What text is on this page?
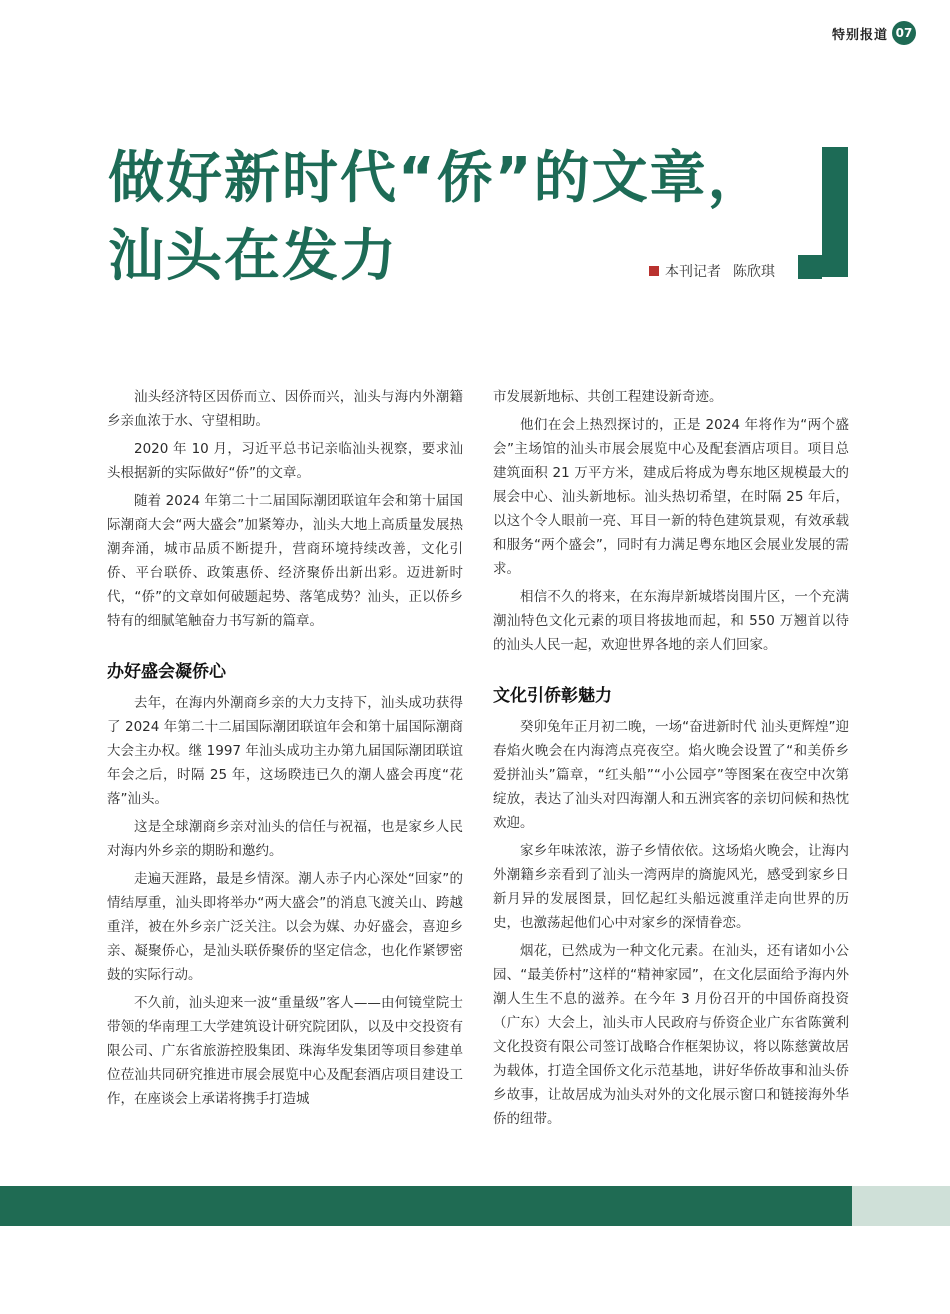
特别报道 07
做好新时代“侨”的文章，
汕头在发力	本刊记者 陈欣琪

汕头经济特区因侨而立、因侨而兴，汕头与海内外潮籍乡亲血浓于水、守望相助。

2020 年 10 月，习近平总书记亲临汕头视察，要求汕头根据新的实际做好“侨”的文章。

随着 2024 年第二十二届国际潮团联谊年会和第十届国际潮商大会“两大盛会”加紧筹办，汕头大地上高质量发展热潮奔涌，城市品质不断提升，营商环境持续改善，文化引侨、平台联侨、政策惠侨、经济聚侨出新出彩。迈进新时代，“侨”的文章如何破题起势、落笔成势？汕头，正以侨乡特有的细腻笔触奋力书写新的篇章。

办好盛会凝侨心

去年，在海内外潮商乡亲的大力支持下，汕头成功获得了 2024 年第二十二届国际潮团联谊年会和第十届国际潮商大会主办权。继 1997 年汕头成功主办第九届国际潮团联谊年会之后，时隔 25 年，这场睽违已久的潮人盛会再度“花落”汕头。

这是全球潮商乡亲对汕头的信任与祝福，也是家乡人民对海内外乡亲的期盼和邀约。

走遍天涯路，最是乡情深。潮人赤子内心深处“回家”的情结厚重，汕头即将举办“两大盛会”的消息飞渡关山、跨越重洋，被在外乡亲广泛关注。以会为媒、办好盛会，喜迎乡亲、凝聚侨心，是汕头联侨聚侨的坚定信念，也化作紧锣密鼓的实际行动。

不久前，汕头迎来一波“重量级”客人——由何镜堂院士带领的华南理工大学建筑设计研究院团队，以及中交投资有限公司、广东省旅游控股集团、珠海华发集团等项目参建单位莅汕共同研究推进市展会展览中心及配套酒店项目建设工作，在座谈会上承诺将携手打造城

市发展新地标、共创工程建设新奇迹。

他们在会上热烈探讨的，正是 2024 年将作为“两个盛会”主场馆的汕头市展会展览中心及配套酒店项目。项目总建筑面积 21 万平方米，建成后将成为粤东地区规模最大的展会中心、汕头新地标。汕头热切希望，在时隔 25 年后，以这个令人眼前一亮、耳目一新的特色建筑景观，有效承载和服务“两个盛会”，同时有力满足粤东地区会展业发展的需求。

相信不久的将来，在东海岸新城塔岗围片区，一个充满潮汕特色文化元素的项目将拔地而起，和 550 万翘首以待的汕头人民一起，欢迎世界各地的亲人们回家。

文化引侨彰魅力

癸卯兔年正月初二晚，一场“奋进新时代 汕头更辉煌”迎春焰火晚会在内海湾点亮夜空。焰火晚会设置了“和美侨乡 爱拼汕头”篇章，“红头船”“小公园亭”等图案在夜空中次第绽放，表达了汕头对四海潮人和五洲宾客的亲切问候和热忱欢迎。

家乡年味浓浓，游子乡情依依。这场焰火晚会，让海内外潮籍乡亲看到了汕头一湾两岸的旖旎风光，感受到家乡日新月异的发展图景，回忆起红头船远渡重洋走向世界的历史，也激荡起他们心中对家乡的深情眷恋。

烟花，已然成为一种文化元素。在汕头，还有诸如小公园、“最美侨村”这样的“精神家园”，在文化层面给予海内外潮人生生不息的滋养。在今年 3 月份召开的中国侨商投资（广东）大会上，汕头市人民政府与侨资企业广东省陈黉利文化投资有限公司签订战略合作框架协议，将以陈慈黉故居为载体，打造全国侨文化示范基地，讲好华侨故事和汕头侨乡故事，让故居成为汕头对外的文化展示窗口和链接海外华侨的纽带。
